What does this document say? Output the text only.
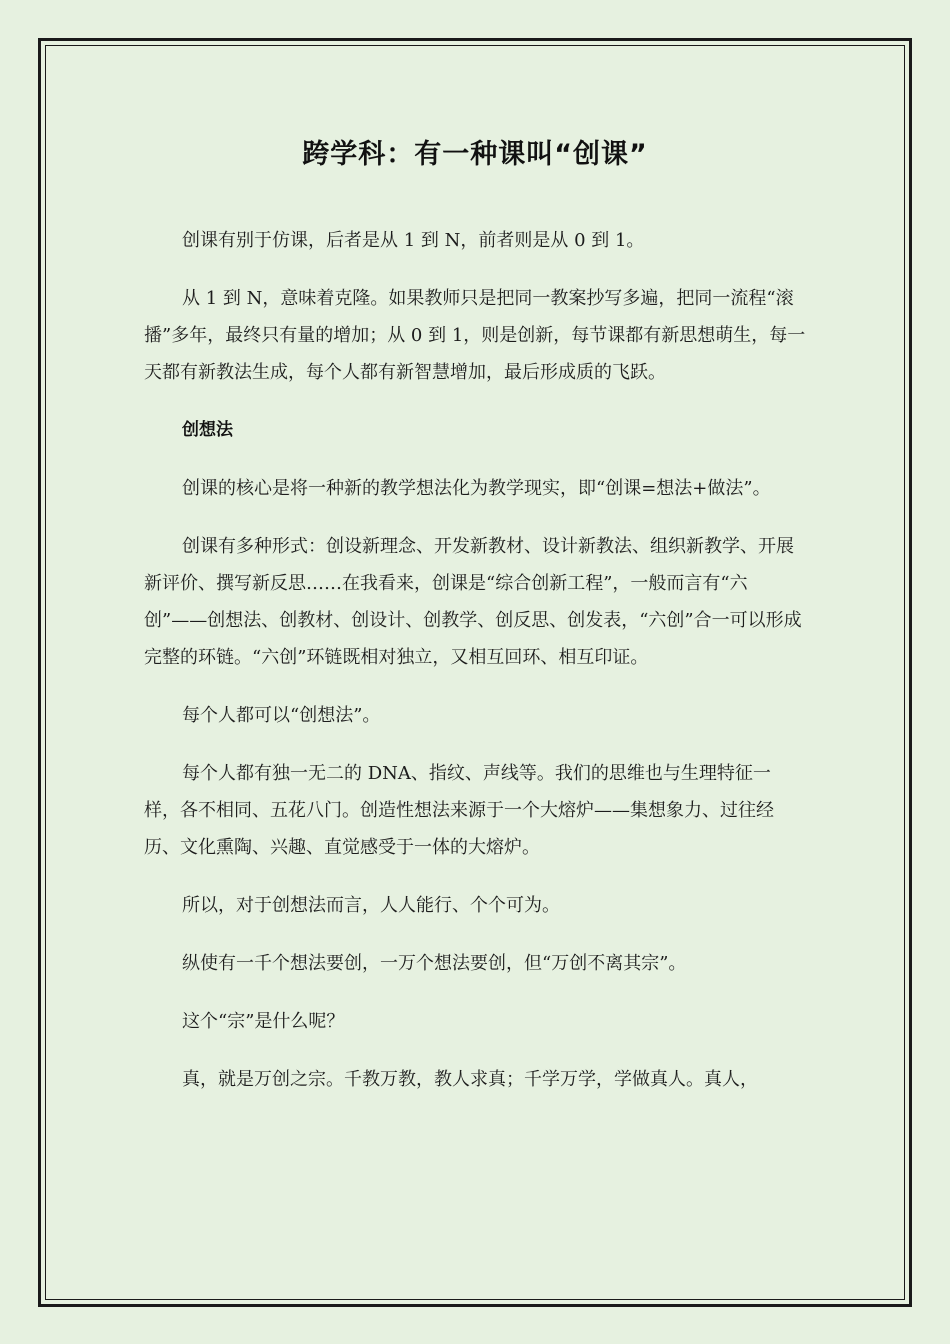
跨学科：有一种课叫“创课”

创课有别于仿课，后者是从 1 到 N，前者则是从 0 到 1。

从 1 到 N，意味着克隆。如果教师只是把同一教案抄写多遍，把同一流程“滚播”多年，最终只有量的增加；从 0 到 1，则是创新，每节课都有新思想萌生，每一天都有新教法生成，每个人都有新智慧增加，最后形成质的飞跃。

创想法

创课的核心是将一种新的教学想法化为教学现实，即“创课=想法+做法”。

创课有多种形式：创设新理念、开发新教材、设计新教法、组织新教学、开展新评价、撰写新反思……在我看来，创课是“综合创新工程”，一般而言有“六创”——创想法、创教材、创设计、创教学、创反思、创发表，“六创”合一可以形成完整的环链。“六创”环链既相对独立，又相互回环、相互印证。

每个人都可以“创想法”。

每个人都有独一无二的 DNA、指纹、声线等。我们的思维也与生理特征一样，各不相同、五花八门。创造性想法来源于一个大熔炉——集想象力、过往经历、文化熏陶、兴趣、直觉感受于一体的大熔炉。

所以，对于创想法而言，人人能行、个个可为。

纵使有一千个想法要创，一万个想法要创，但“万创不离其宗”。

这个“宗”是什么呢？

真，就是万创之宗。千教万教，教人求真；千学万学，学做真人。真人，
